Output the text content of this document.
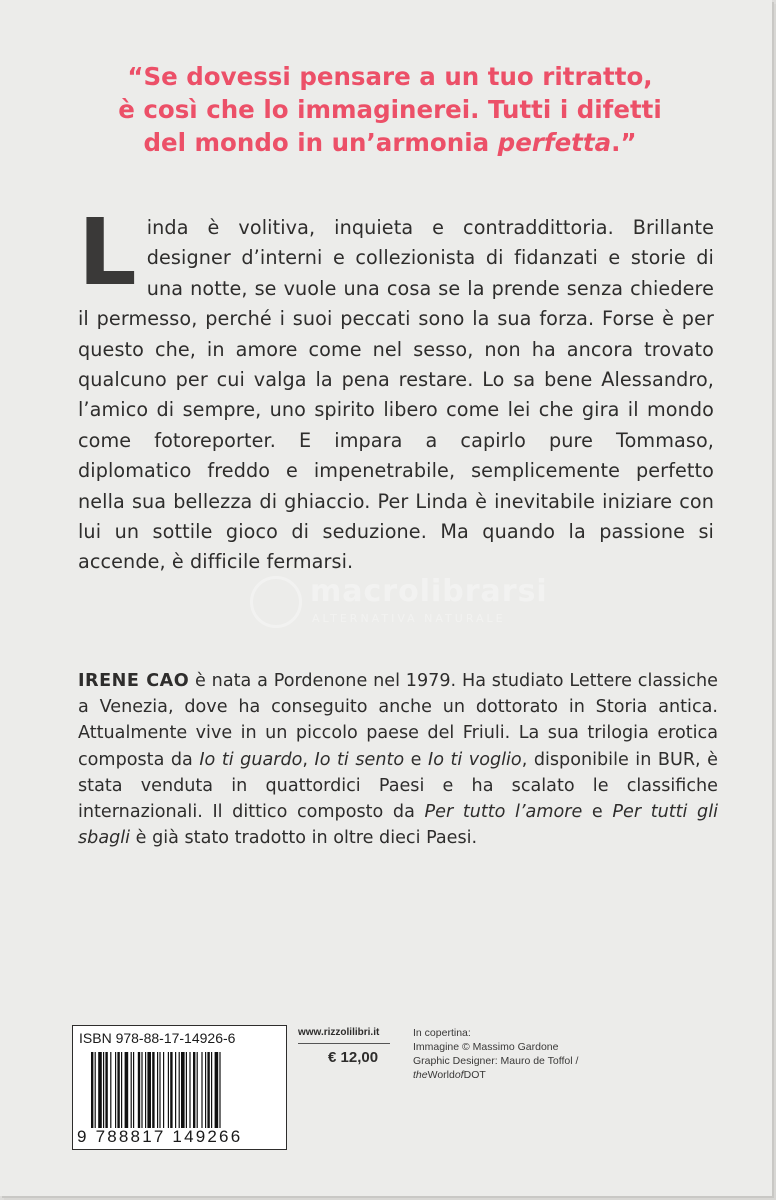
“Se dovessi pensare a un tuo ritratto,
è così che lo immaginerei. Tutti i difetti
del mondo in un’armonia perfetta.”

Linda è volitiva, inquieta e contraddittoria. Brillante designer d’interni e collezionista di fidanzati e storie di una notte, se vuole una cosa se la prende senza chiedere il permesso, perché i suoi peccati sono la sua forza. Forse è per questo che, in amore come nel sesso, non ha ancora trovato qualcuno per cui valga la pena restare. Lo sa bene Alessandro, l’amico di sempre, uno spirito libero come lei che gira il mondo come fotoreporter. E impara a capirlo pure Tommaso, diplomatico freddo e impenetrabile, semplicemente perfetto nella sua bellezza di ghiaccio. Per Linda è inevitabile iniziare con lui un sottile gioco di seduzione. Ma quando la passione si accende, è difficile fermarsi.

macrolibrarsi
ALTERNATIVA NATURALE

IRENE CAO è nata a Pordenone nel 1979. Ha studiato Lettere classiche a Venezia, dove ha conseguito anche un dottorato in Storia antica. Attualmente vive in un piccolo paese del Friuli. La sua trilogia erotica composta da Io ti guardo, Io ti sento e Io ti voglio, disponibile in BUR, è stata venduta in quattordici Paesi e ha scalato le classifiche internazionali. Il dittico composto da Per tutto l’amore e Per tutti gli sbagli è già stato tradotto in oltre dieci Paesi.

ISBN 978-88-17-14926-6
9 788817 149266
www.rizzolilibri.it
€ 12,00
In copertina:
Immagine © Massimo Gardone
Graphic Designer: Mauro de Toffol /
theWorldofDOT
